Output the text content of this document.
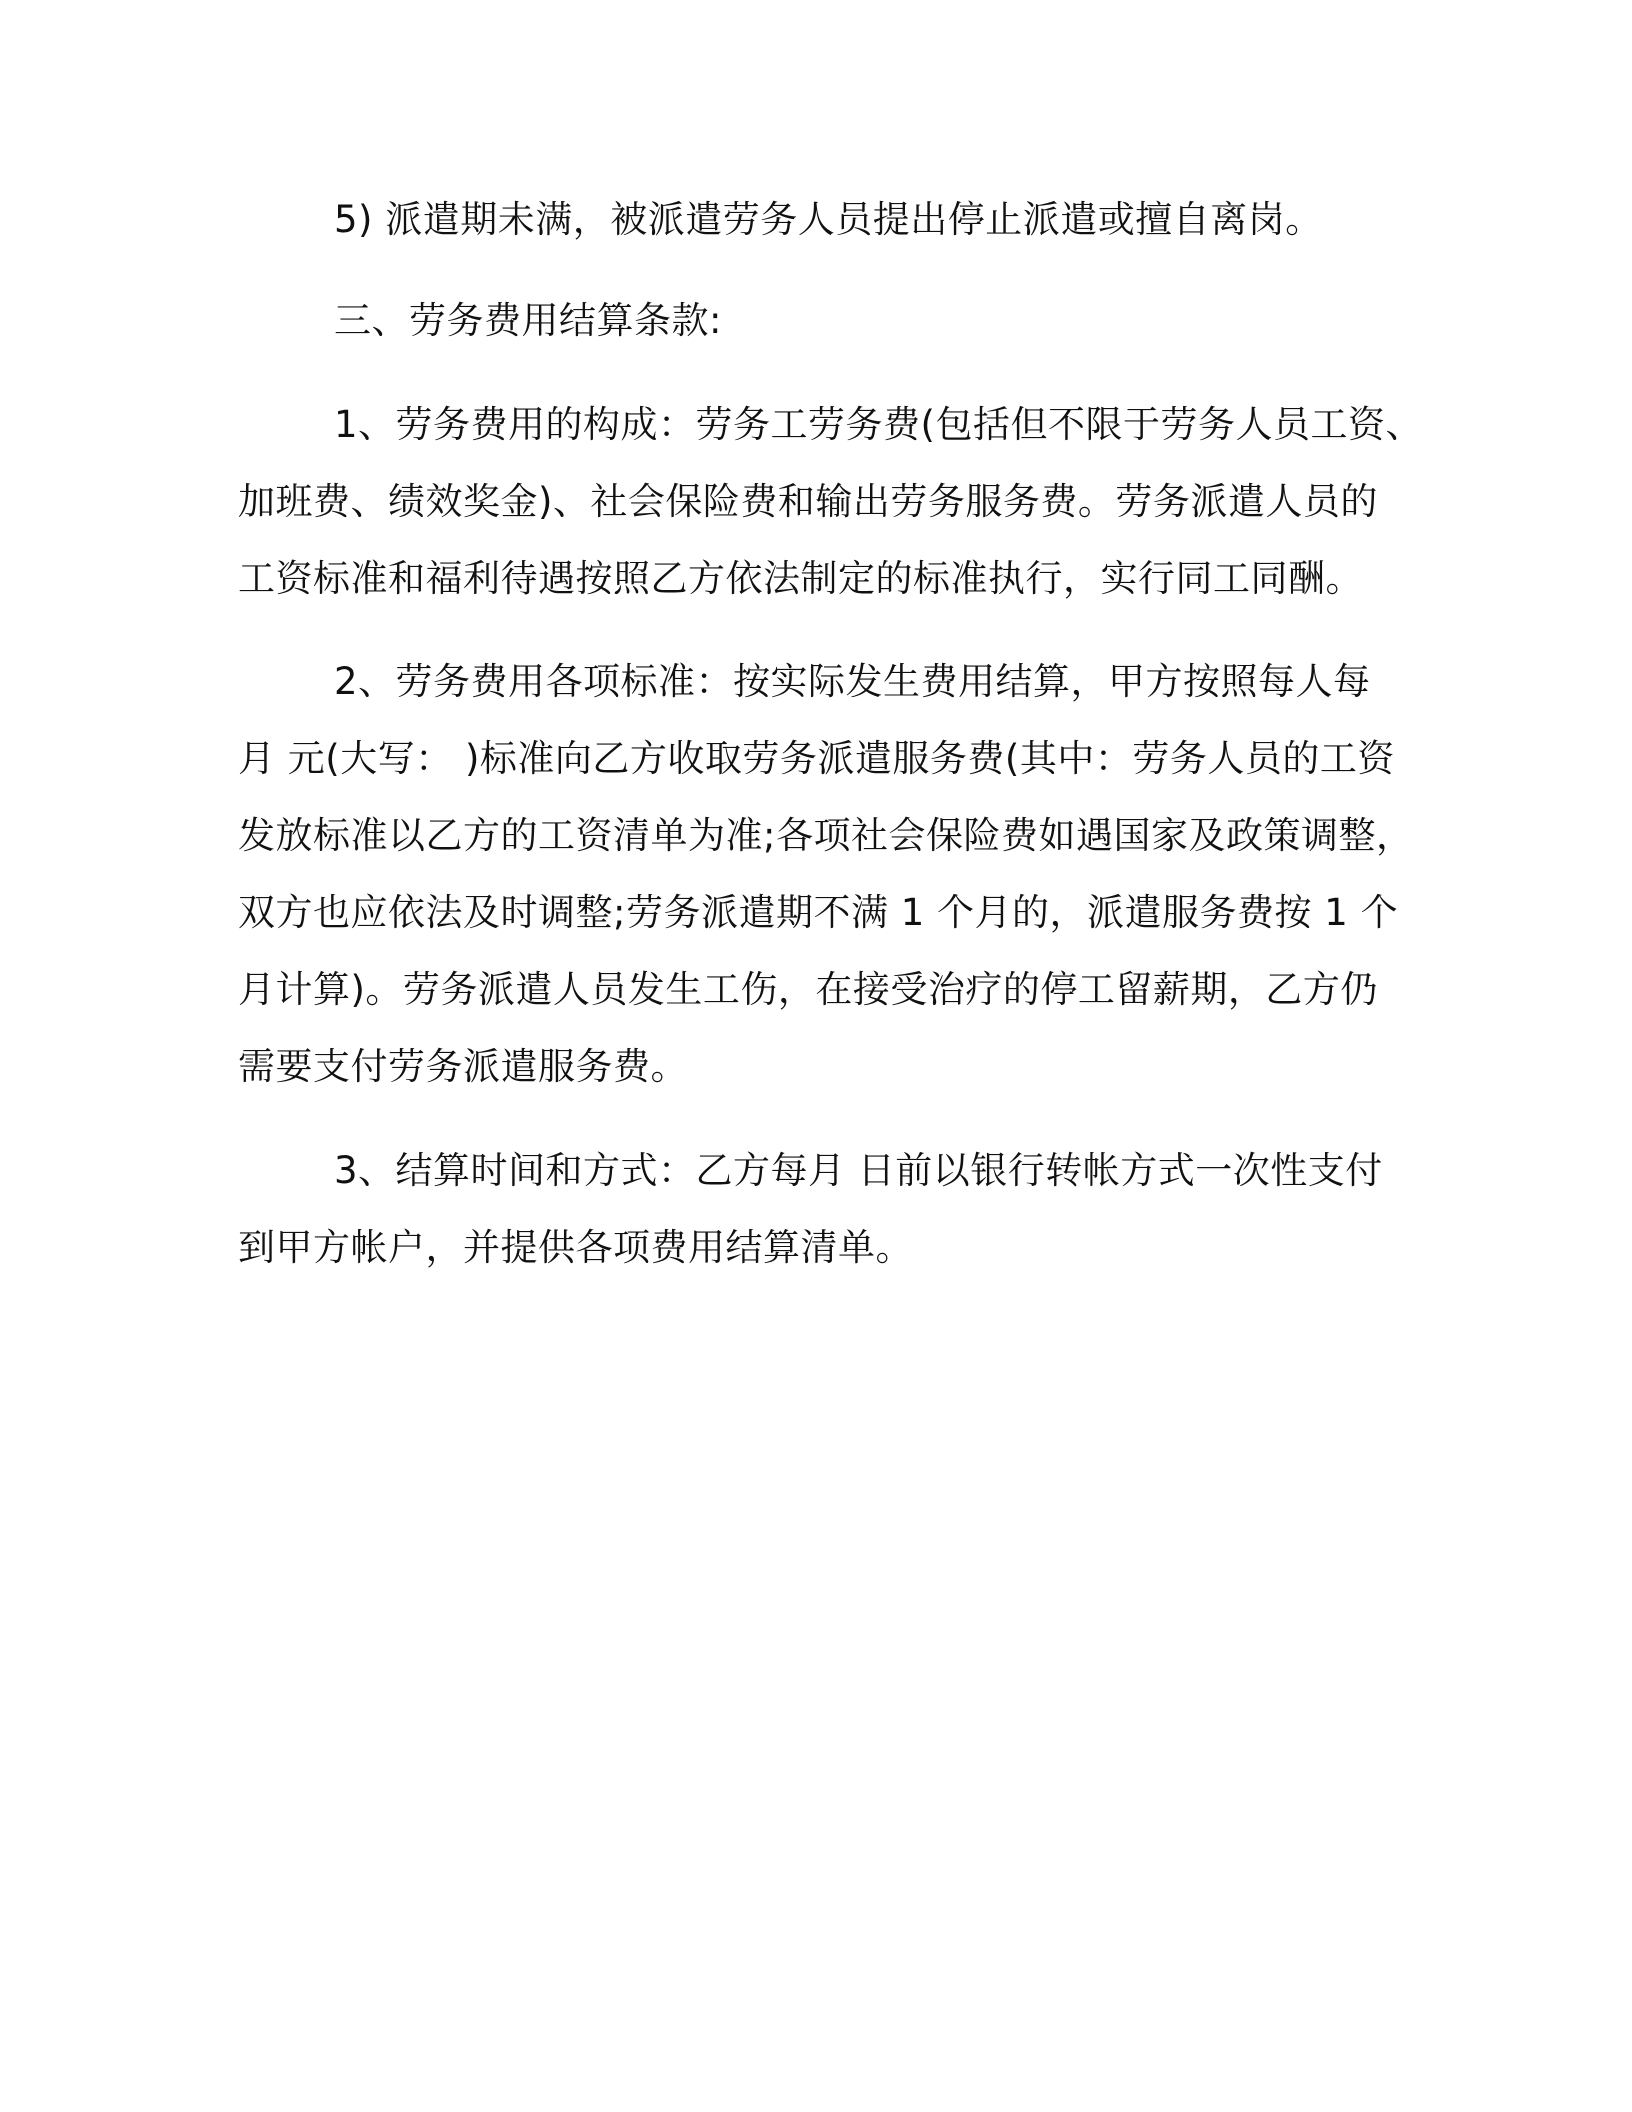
5) 派遣期未满，被派遣劳务人员提出停止派遣或擅自离岗。
三、劳务费用结算条款:
1、劳务费用的构成：劳务工劳务费(包括但不限于劳务人员工资、
加班费、绩效奖金)、社会保险费和输出劳务服务费。劳务派遣人员的
工资标准和福利待遇按照乙方依法制定的标准执行，实行同工同酬。
2、劳务费用各项标准：按实际发生费用结算，甲方按照每人每
月 元(大写： )标准向乙方收取劳务派遣服务费(其中：劳务人员的工资
发放标准以乙方的工资清单为准;各项社会保险费如遇国家及政策调整，
双方也应依法及时调整;劳务派遣期不满 1 个月的，派遣服务费按 1 个
月计算)。劳务派遣人员发生工伤，在接受治疗的停工留薪期，乙方仍
需要支付劳务派遣服务费。
3、结算时间和方式：乙方每月 日前以银行转帐方式一次性支付
到甲方帐户，并提供各项费用结算清单。
